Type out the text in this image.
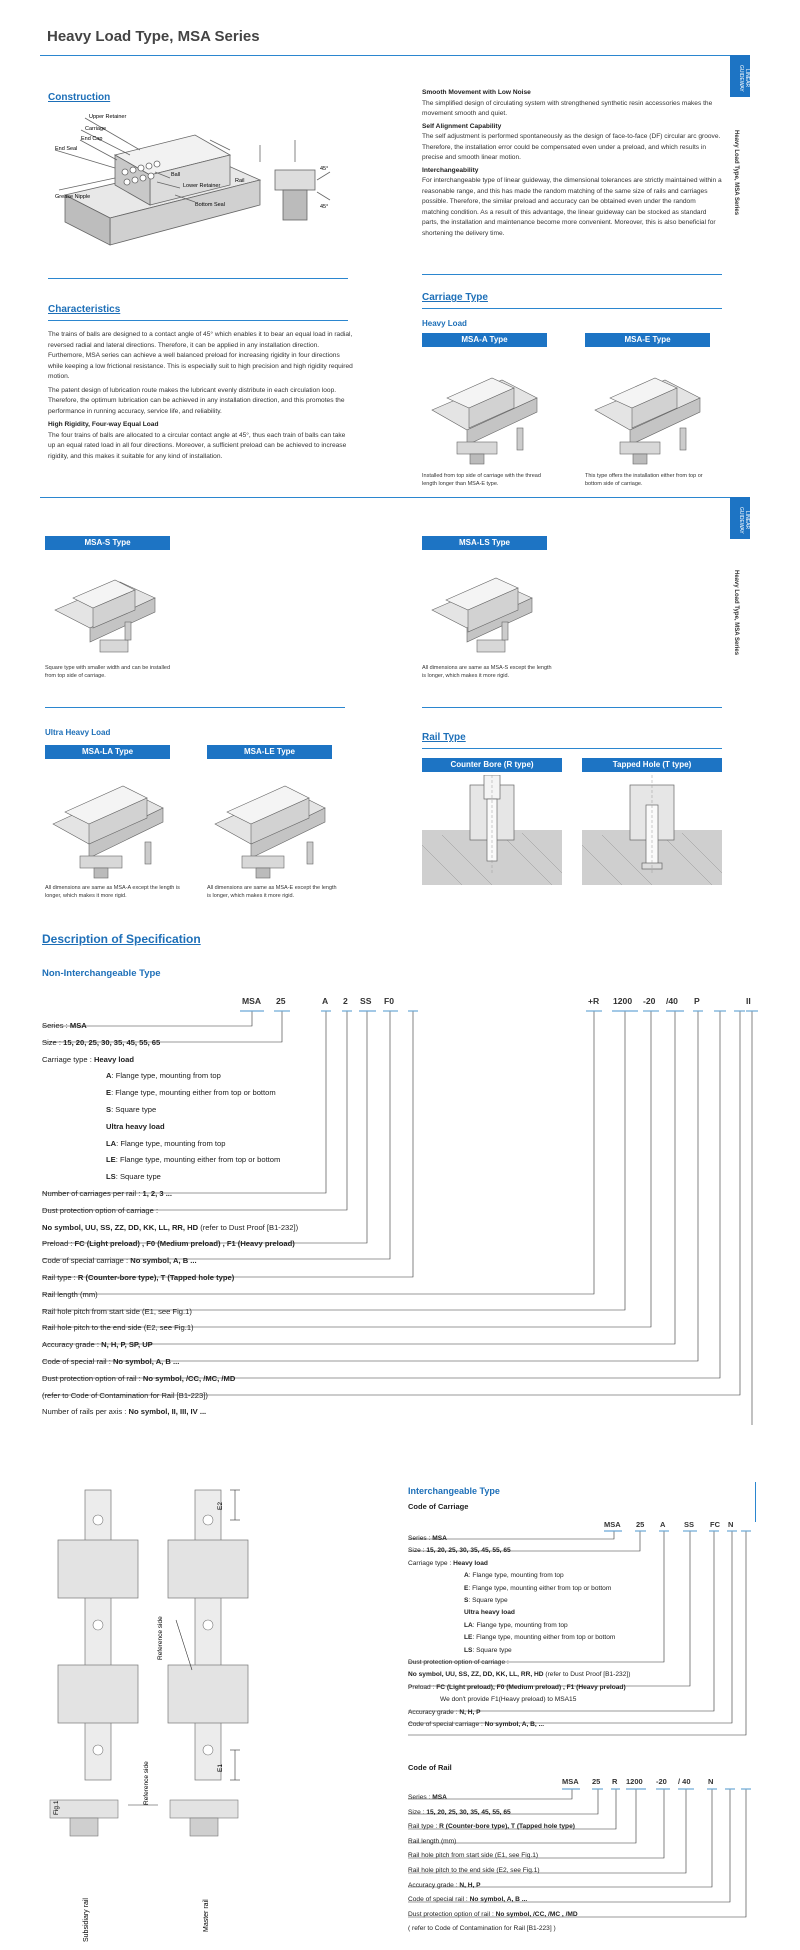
Heavy Load Type, MSA Series
LINEAR GUIDEWAY
Heavy Load Type, MSA Series
Construction
Upper Retainer
Carriage
End Cap
End Seal
Grease Nipple
Ball
Lower Retainer
Bottom Seal
Rail
45°
45°
Smooth Movement with Low Noise
The simplified design of circulating system with strengthened synthetic resin accessories makes the movement smooth and quiet.
Self Alignment Capability
The self adjustment is performed spontaneously as the design of face-to-face (DF) circular arc groove. Therefore, the installation error could be compensated even under a preload, and which results in precise and smooth linear motion.
Interchangeability
For interchangeable type of linear guideway, the dimensional tolerances are strictly maintained within a reasonable range, and this has made the random matching of the same size of rails and carriages possible. Therefore, the similar preload and accuracy can be obtained even under the random matching condition. As a result of this advantage, the linear guideway can be stocked as standard parts, the installation and maintenance become more convenient. Moreover, this is also beneficial for shortening the delivery time.
Characteristics
The trains of balls are designed to a contact angle of 45° which enables it to bear an equal load in radial, reversed radial and lateral directions. Therefore, it can be applied in any installation direction. Furthemore, MSA series can achieve a well balanced preload for increasing rigidity in four directions while keeping a low frictional resistance. This is especially suit to high precision and high rigidity required motion.
The patent design of lubrication route makes the lubricant evenly distribute in each circulation loop. Therefore, the optimum lubrication can be achieved in any installation direction, and this promotes the performance in running accuracy, service life, and reliability.
High Rigidity, Four-way Equal Load
The four trains of balls are allocated to a circular contact angle at 45°, thus each train of balls can take up an equal rated load in all four directions. Moreover, a sufficient preload can be achieved to increase rigidity, and this makes it suitable for any kind of installation.
Carriage Type
Heavy Load
MSA-A Type
Installed from top side of carriage with the thread length longer than MSA-E type.
MSA-E Type
This type offers the installation either from top or bottom side of carriage.
LINEAR GUIDEWAY
Heavy Load Type, MSA Series
MSA-S Type
Square type with smaller width and can be installed from top side of carriage.
MSA-LS Type
All dimensions are same as MSA-S except the length is longer, which makes it more rigid.
Ultra Heavy Load
MSA-LA Type
All dimensions are same as MSA-A except the length is longer, which makes it more rigid.
MSA-LE Type
All dimensions are same as MSA-E except the length is longer, which makes it more rigid.
Rail Type
Counter Bore (R type)	Tapped Hole (T type)
Description of Specification
Non-Interchangeable Type
MSA 25	A 2 SS F0	+R 1200 -20 /40 P	II
Series : MSA
Size : 15, 20, 25, 30, 35, 45, 55, 65
Carriage type : Heavy load
A: Flange type, mounting from top
E: Flange type, mounting either from top or bottom
S: Square type
Ultra heavy load
LA: Flange type, mounting from top
LE: Flange type, mounting either from top or bottom
LS: Square type
Number of carriages per rail : 1, 2, 3 ...
Dust protection option of carriage :
No symbol, UU, SS, ZZ, DD, KK, LL, RR, HD (refer to Dust Proof [B1-232])
Preload : FC (Light preload) , F0 (Medium preload) , F1 (Heavy preload)
Code of special carriage : No symbol, A, B ...
Rail type : R (Counter-bore type), T (Tapped hole type)
Rail length (mm)
Rail hole pitch from start side (E1, see Fig.1)
Rail hole pitch to the end side (E2, see Fig.1)
Accuracy grade : N, H, P, SP, UP
Code of special rail : No symbol, A, B ...
Dust protection option of rail : No symbol, /CC, /MC, /MD
(refer to Code of Contamination for Rail [B1-223])
Number of rails per axis : No symbol, II, III, IV ...
Fig.1
Reference side
Reference side
Subsidiary rail	Master rail
E2
E1
Interchangeable Type
Code of Carriage
MSA 25 A SS FC N
Series : MSA
Size : 15, 20, 25, 30, 35, 45, 55, 65
Carriage type : Heavy load
A: Flange type, mounting from top
E: Flange type, mounting either from top or bottom
S: Square type
Ultra heavy load
LA: Flange type, mounting from top
LE: Flange type, mounting either from top or bottom
LS: Square type
Dust protection option of carriage :
No symbol, UU, SS, ZZ, DD, KK, LL, RR, HD (refer to Dust Proof [B1-232])
Preload : FC (Light preload), F0 (Medium preload) , F1 (Heavy preload)
We don't provide F1(Heavy preload) to MSA15
Accuracy grade : N, H, P
Code of special carriage : No symbol, A, B, ...
Code of Rail
MSA 25 R 1200 -20 / 40 N
Series : MSA
Size : 15, 20, 25, 30, 35, 45, 55, 65
Rail type : R (Counter-bore type), T (Tapped hole type)
Rail length (mm)
Rail hole pitch from start side (E1, see Fig.1)
Rail hole pitch to the end side (E2, see Fig.1)
Accuracy grade : N, H, P
Code of special rail : No symbol, A, B ...
Dust protection option of rail : No symbol, /CC, /MC , /MD
( refer to Code of Contamination for Rail [B1-223] )
